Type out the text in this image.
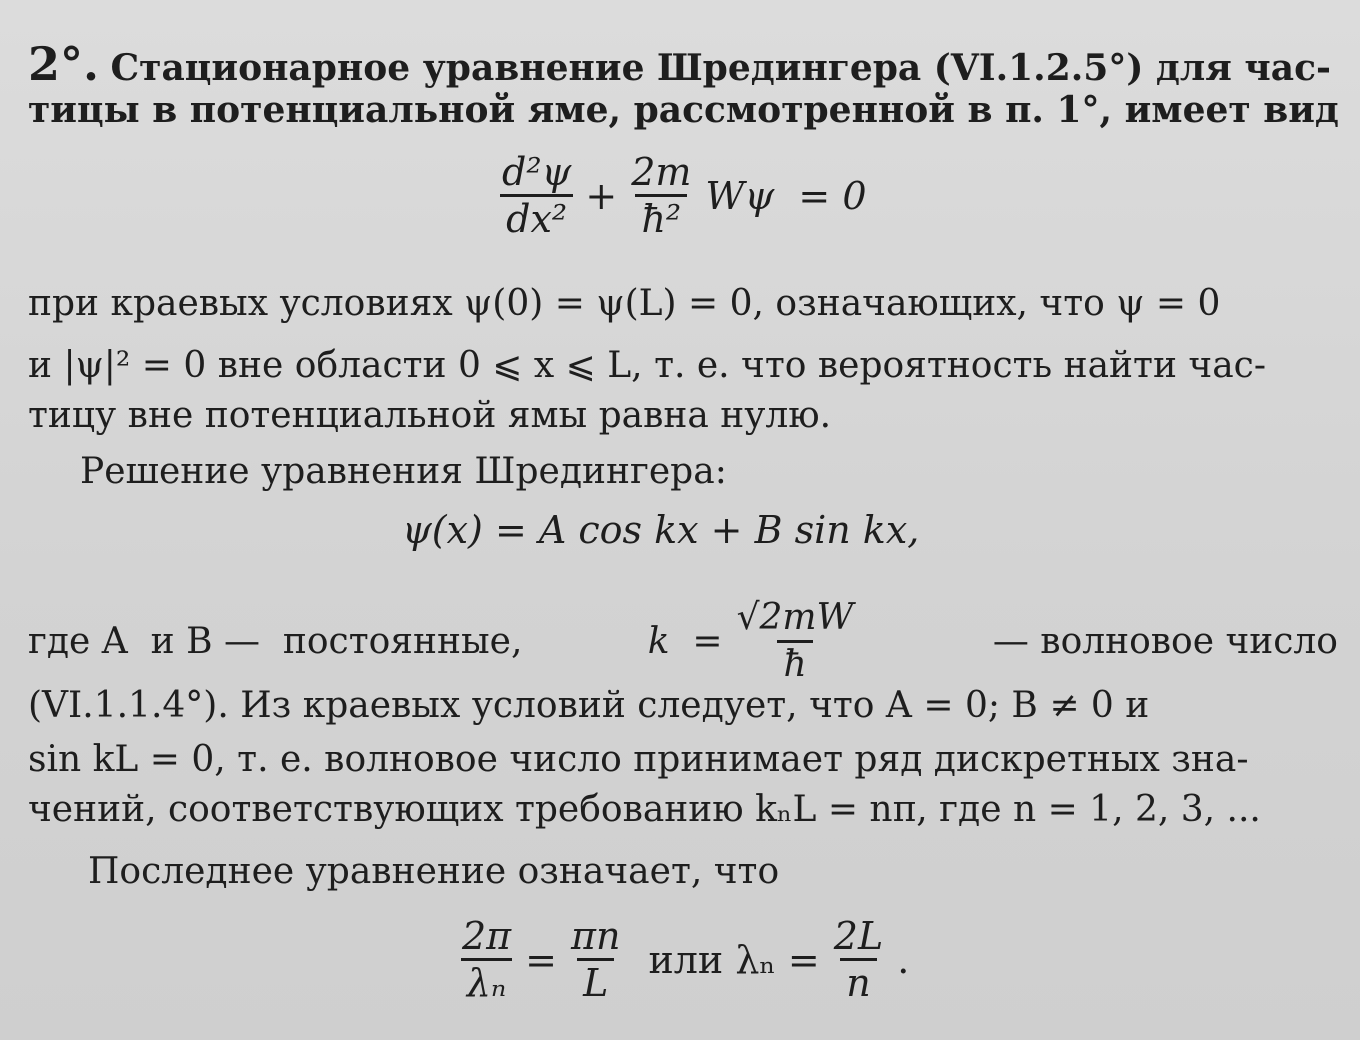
2°. Стационарное уравнение Шредингера (VI.1.2.5°) для час-
тицы в потенциальной яме, рассмотренной в п. 1°, имеет вид
$\frac{\text{d²ψ}}{\text{dx²}} + \frac{2m}{\text{ħ²}}$ Wψ  = 0
при краевых условиях ψ(0) = ψ(L) = 0, означающих, что ψ = 0
и |ψ|² = 0 вне области 0 ⩽ x ⩽ L, т. е. что вероятность найти час-
тицу вне потенциальной ямы равна нулю.
Решение уравнения Шредингера:
ψ(x) = A cos kx + B sin kx,
где A  и B —  постоянные,	$k = \frac{√2mW}{ħ}$	— волновое число
(VI.1.1.4°). Из краевых условий следует, что A = 0; B ≠ 0 и
sin kL = 0, т. е. волновое число принимает ряд дискретных зна-
чений, соответствующих требованию kₙL = nπ, где n = 1, 2, 3, ...
Последнее уравнение означает, что
$\frac{2\pi}{\text{λₙ}} = \frac{\pi n}{L}$ или $\lambda_n = \frac{2L}{n}$ .
